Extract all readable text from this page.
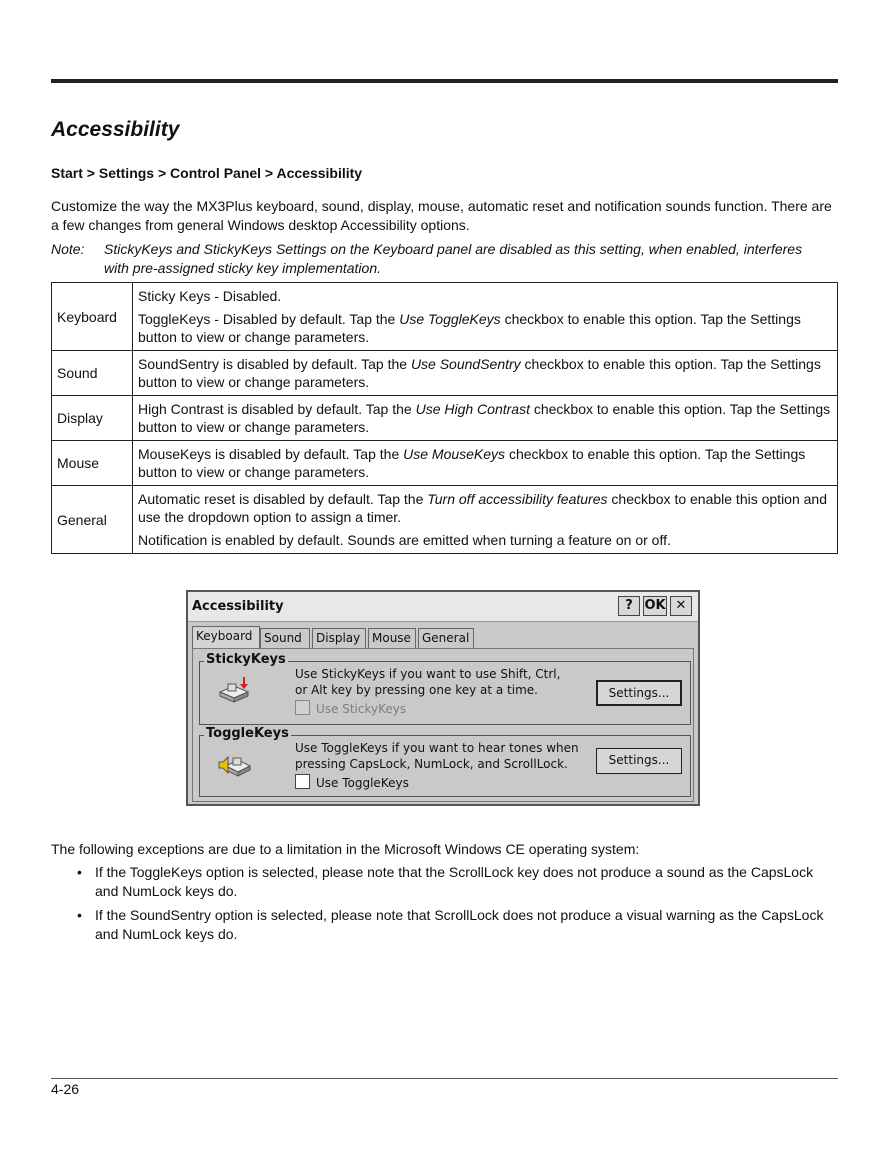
Accessibility
Start > Settings > Control Panel > Accessibility

Customize the way the MX3Plus keyboard, sound, display, mouse, automatic reset and notification sounds function. There are a few changes from general Windows desktop Accessibility options.

Note: StickyKeys and StickyKeys Settings on the Keyboard panel are disabled as this setting, when enabled, interferes
with pre-assigned sticky key implementation.
Keyboard	Sticky Keys - Disabled.

ToggleKeys - Disabled by default. Tap the Use ToggleKeys checkbox to enable this option. Tap the Settings button to view or change parameters.

Sound	SoundSentry is disabled by default. Tap the Use SoundSentry checkbox to enable this option. Tap the Settings button to view or change parameters.
Display	High Contrast is disabled by default. Tap the Use High Contrast checkbox to enable this option. Tap the Settings button to view or change parameters.
Mouse	MouseKeys is disabled by default. Tap the Use MouseKeys checkbox to enable this option. Tap the Settings button to view or change parameters.
General	Automatic reset is disabled by default. Tap the Turn off accessibility features checkbox to enable this option and use the dropdown option to assign a timer.

Notification is enabled by default. Sounds are emitted when turning a feature on or off.

Accessibility	? OK ✕
Keyboard Sound	Display Mouse General
StickyKeys
Use StickyKeys if you want to use Shift, Ctrl,
or Alt key by pressing one key at a time.
Use StickyKeys
Settings...
ToggleKeys
Use ToggleKeys if you want to hear tones when
pressing CapsLock, NumLock, and ScrollLock.
Use ToggleKeys
Settings...

The following exceptions are due to a limitation in the Microsoft Windows CE operating system:

• If the ToggleKeys option is selected, please note that the ScrollLock key does not produce a sound as the CapsLock and NumLock keys do.
• If the SoundSentry option is selected, please note that ScrollLock does not produce a visual warning as the CapsLock and NumLock keys do.
4-26
